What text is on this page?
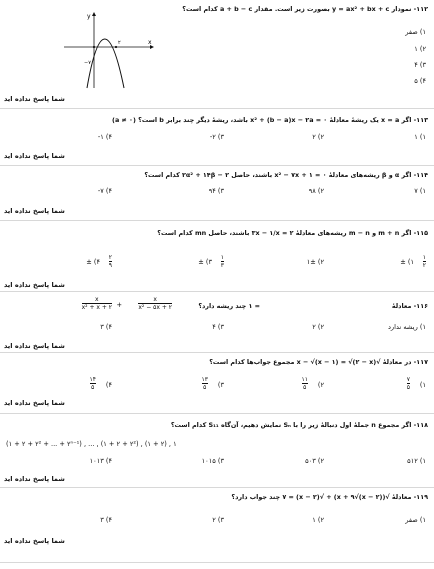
۱۱۲- نمودار y = ax² + bx + c بصورت زیر است. مقدار a + b − c کدام است؟
x
y
−۷
۲
۱) صفر
۲) ۱
۳) ۴
۴) ۵
شما پاسخ نداده اید
۱۱۳- اگر x = a یک ریشهٔ معادلهٔ x² + (b − a)x − ۲a = ۰ باشد، ریشهٔ دیگر چند برابر b است؟ (a ≠ ۰)
۱) ۱
۲) ۲
۳) ۲-
۴) ۱-
شما پاسخ نداده اید
۱۱۴- اگر α و β ریشه‌های معادلهٔ x² − ۷x + ۱ = ۰ باشند، حاصل ۲α² + ۱۴β − ۲ کدام است؟
۱) ۷
۲) ۹۸
۳) ۹۴
۴) ۷-
شما پاسخ نداده اید
۱۱۵- اگر m + n و m − n ریشه‌های معادلهٔ ۲ = ۳x − ۱/x باشند، حاصل mn کدام است؟
۱) ±
۱
۲
۲) ۱±
۳) ±
۱
۳
۴) ±
۲
۹
شما پاسخ نداده اید
۱۱۶- معادلهٔ
$\frac{x}{\text{x² + x + ۲}}$ +	$\frac{x}{\text{x² − ۵x + ۲}}$	= ۱ چند ریشه دارد؟
۱) ریشه ندارد
۲) ۲
۳) ۴
۴) ۳
شما پاسخ نداده اید
۱۱۷- در معادلهٔ √x − √(x − ۱) = √(۲ − x) مجموع جواب‌ها کدام است؟
۱)
۷
۵
۲)
۱۱
۵
۳)
۱۳
۵
۴)
۱۴
۵
شما پاسخ نداده اید
۱۱۸- اگر مجموع n جملهٔ اول دنبالهٔ زیر را با Sₙ نمایش دهیم، آن‌گاه S₁₁ کدام است؟
(۱ + ۲ + ۲² + ... + ۲ⁿ⁻¹) , ... , (۱ + ۲ + ۲²) , (۱ + ۲) , ۱
۱) ۵۱۲
۲) ۵۰۳
۳) ۱۰۱۵
۴) ۱۰۱۳
شما پاسخ نداده اید
۱۱۹- معادلهٔ √(x + ۹√(x − ۲)) + √(x − ۲) = ۷ چند جواب دارد؟
۱) صفر
۲) ۱
۳) ۲
۴) ۳
شما پاسخ نداده اید
